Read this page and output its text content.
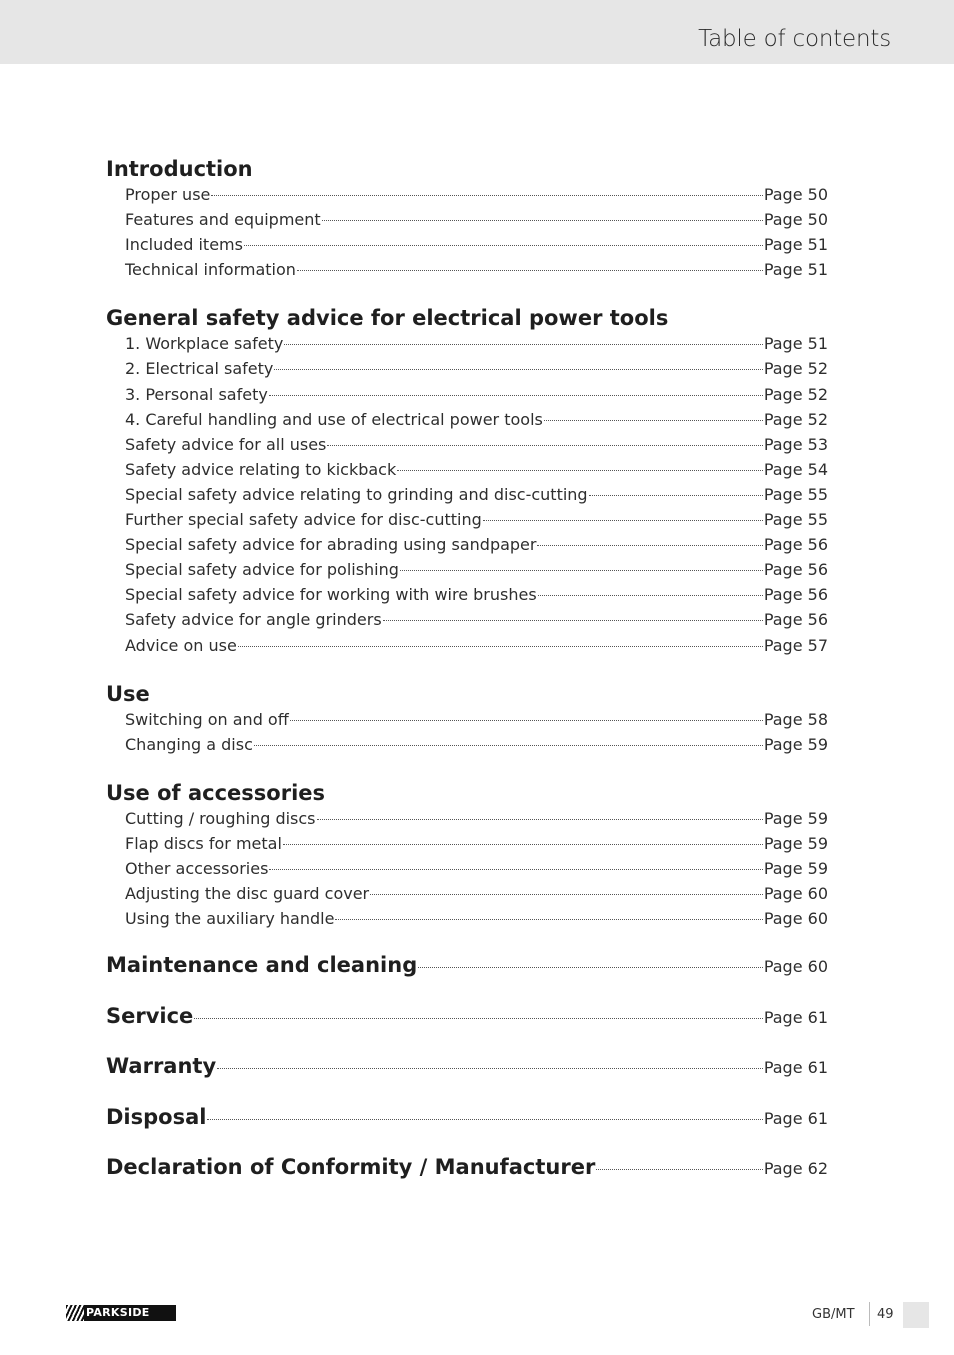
Table of contents
Introduction
Proper use	Page 50
Features and equipment	Page 50
Included items	Page 51
Technical information	Page 51
General safety advice for electrical power tools
1. Workplace safety	Page 51
2. Electrical safety	Page 52
3. Personal safety	Page 52
4. Careful handling and use of electrical power tools	Page 52
Safety advice for all uses	Page 53
Safety advice relating to kickback	Page 54
Special safety advice relating to grinding and disc-cutting	Page 55
Further special safety advice for disc-cutting	Page 55
Special safety advice for abrading using sandpaper	Page 56
Special safety advice for polishing	Page 56
Special safety advice for working with wire brushes	Page 56
Safety advice for angle grinders	Page 56
Advice on use	Page 57
Use
Switching on and off	Page 58
Changing a disc	Page 59
Use of accessories
Cutting / roughing discs	Page 59
Flap discs for metal	Page 59
Other accessories	Page 59
Adjusting the disc guard cover	Page 60
Using the auxiliary handle	Page 60
Maintenance and cleaning	Page 60
Service	Page 61
Warranty	Page 61
Disposal	Page 61
Declaration of Conformity / Manufacturer	Page 62
PARKSIDE	GB/MT 49
